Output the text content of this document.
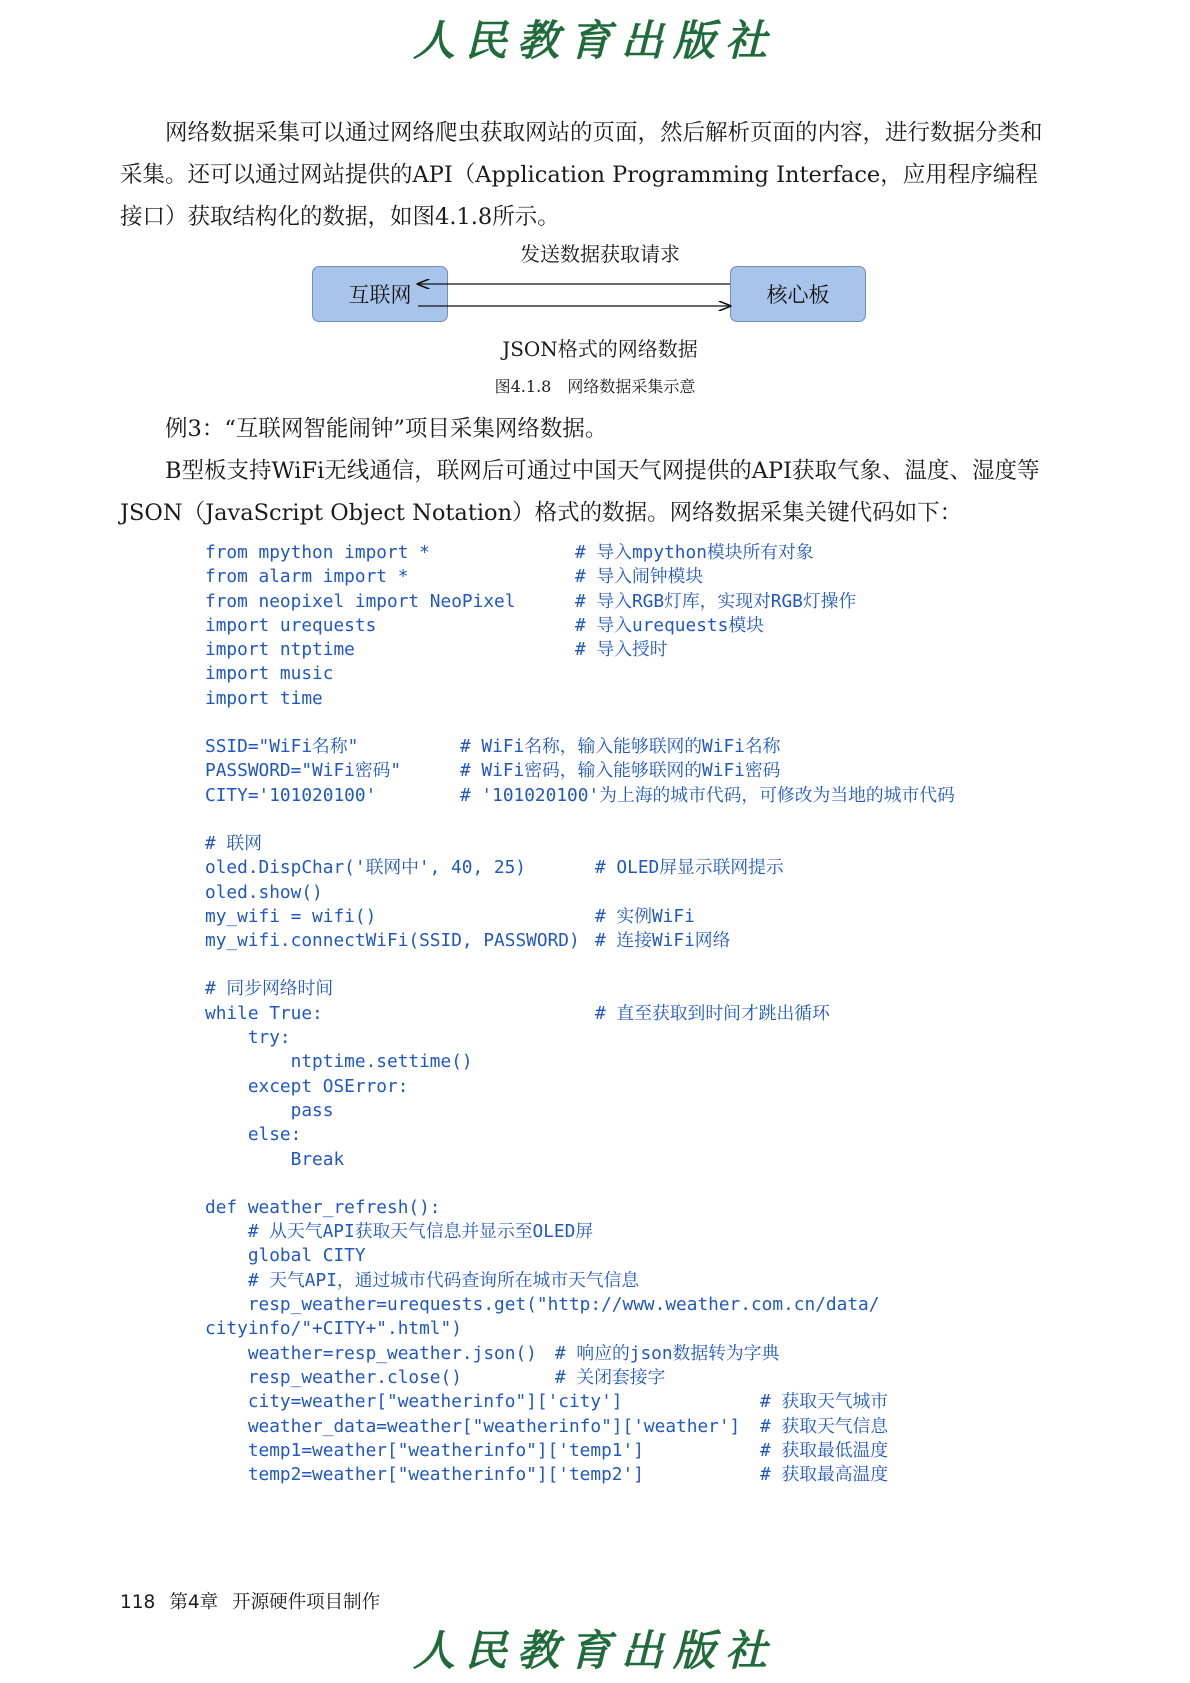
人民教育出版社

网络数据采集可以通过网络爬虫获取网站的页面，然后解析页面的内容，进行数据分类和采集。还可以通过网站提供的API（Application Programming Interface，应用程序编程接口）获取结构化的数据，如图4.1.8所示。

发送数据获取请求
互联网	核心板
JSON格式的网络数据
图4.1.8 网络数据采集示意

例3：“互联网智能闹钟”项目采集网络数据。

B型板支持WiFi无线通信，联网后可通过中国天气网提供的API获取气象、温度、湿度等JSON（JavaScript Object Notation）格式的数据。网络数据采集关键代码如下：

from mpython import *	# 导入mpython模块所有对象
from alarm import *	# 导入闹钟模块
from neopixel import NeoPixel	# 导入RGB灯库，实现对RGB灯操作
import urequests	# 导入urequests模块
import ntptime	# 导入授时
import music
import time
SSID="WiFi名称"	# WiFi名称，输入能够联网的WiFi名称
PASSWORD="WiFi密码"	# WiFi密码，输入能够联网的WiFi密码
CITY='101020100'	# '101020100'为上海的城市代码，可修改为当地的城市代码
# 联网
oled.DispChar('联网中', 40, 25)	# OLED屏显示联网提示
oled.show()
my_wifi = wifi()	# 实例WiFi
my_wifi.connectWiFi(SSID, PASSWORD) # 连接WiFi网络
# 同步网络时间
while True:	# 直至获取到时间才跳出循环
try:
ntptime.settime()
except OSError:
pass
else:
Break
def weather_refresh():
# 从天气API获取天气信息并显示至OLED屏
global CITY
# 天气API，通过城市代码查询所在城市天气信息
resp_weather=urequests.get("http://www.weather.com.cn/data/
cityinfo/"+CITY+".html")
weather=resp_weather.json() # 响应的json数据转为字典
resp_weather.close()	# 关闭套接字
city=weather["weatherinfo"]['city']	# 获取天气城市
weather_data=weather["weatherinfo"]['weather'] # 获取天气信息
temp1=weather["weatherinfo"]['temp1']	# 获取最低温度
temp2=weather["weatherinfo"]['temp2']	# 获取最高温度
118 第4章 开源硬件项目制作
人民教育出版社
